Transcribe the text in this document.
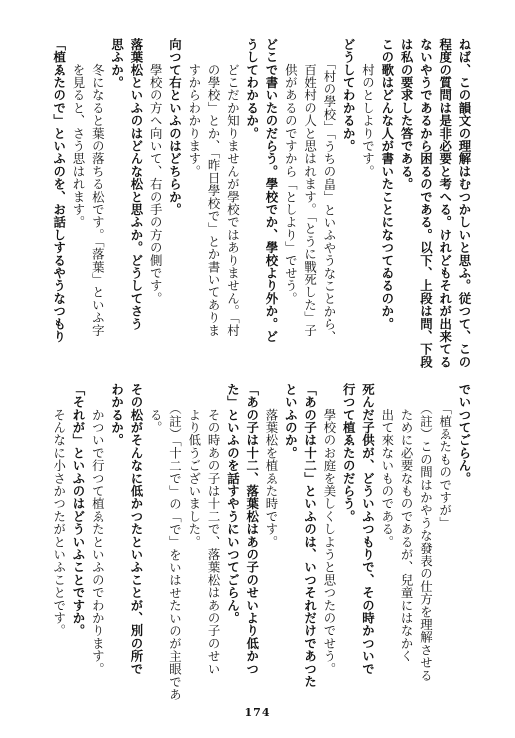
ねば、この韻文の理解はむつかしいと思ふ。従つて、この
程度の質問は是非必要と考へる。けれどもそれが出来てる
ないやうであるから困るのである。以下、上段は問、下段
は私の要求した答である。
この歌はどんな人が書いたことになつてゐるのか。
　　村のとしよりです。
どうしてわかるか。
　　「村の學校」「うちの畠」といふやうなことから、
　　百姓村の人と思はれます。「とうに戰死した」子
　　供があるのですから「としより」でせう。
どこで書いたのだらう。學校でか、學校より外か。ど
うしてわかるか。
　　どこだか知りませんが學校ではありません。「村
　　の學校」とか、「昨日學校で」とか書いてありま
　　すからわかります。
向つて右といふのはどちらか。
　　學校の方へ向いて、右の手の方の側です。
落葉松といふのはどんな松と思ふか。どうしてさう
思ふか。
　　冬になると葉の落ちる松です。「落葉」といふ字
　　を見ると、さう思はれます。
「植ゑたので」といふのを、お話しするやうなつもり
でいつてごらん。
　　「植ゑたものですが」
　　（註）この間はかやうな發表の仕方を理解させる
　　ために必要なものであるが、兒童にはなかく
　　出て來ないものである。
死んだ子供が、どういふつもりで、その時かついで
行つて植ゑたのだらう。
　　學校のお庭を美しくしようと思つたのでせう。
「あの子は十二」といふのは、いつそれだけであつた
といふのか。
　　落葉松を植ゑた時です。
「あの子は十二、落葉松はあの子のせいより低かつ
た」といふのを話すやうにいつてごらん。
　　その時あの子は十二で、落葉松はあの子のせい
　　より低うございました。
　　（註）「十二で」の「で」をいはせたいのが主眼であ
　　る。
その松がそんなに低かつたといふことが、別の所で
わかるか。
　　かついで行つて植ゑたといふのでわかります。
「それが」といふのはどういふことですか。
　　そんなに小さかつたがといふことです。
174
